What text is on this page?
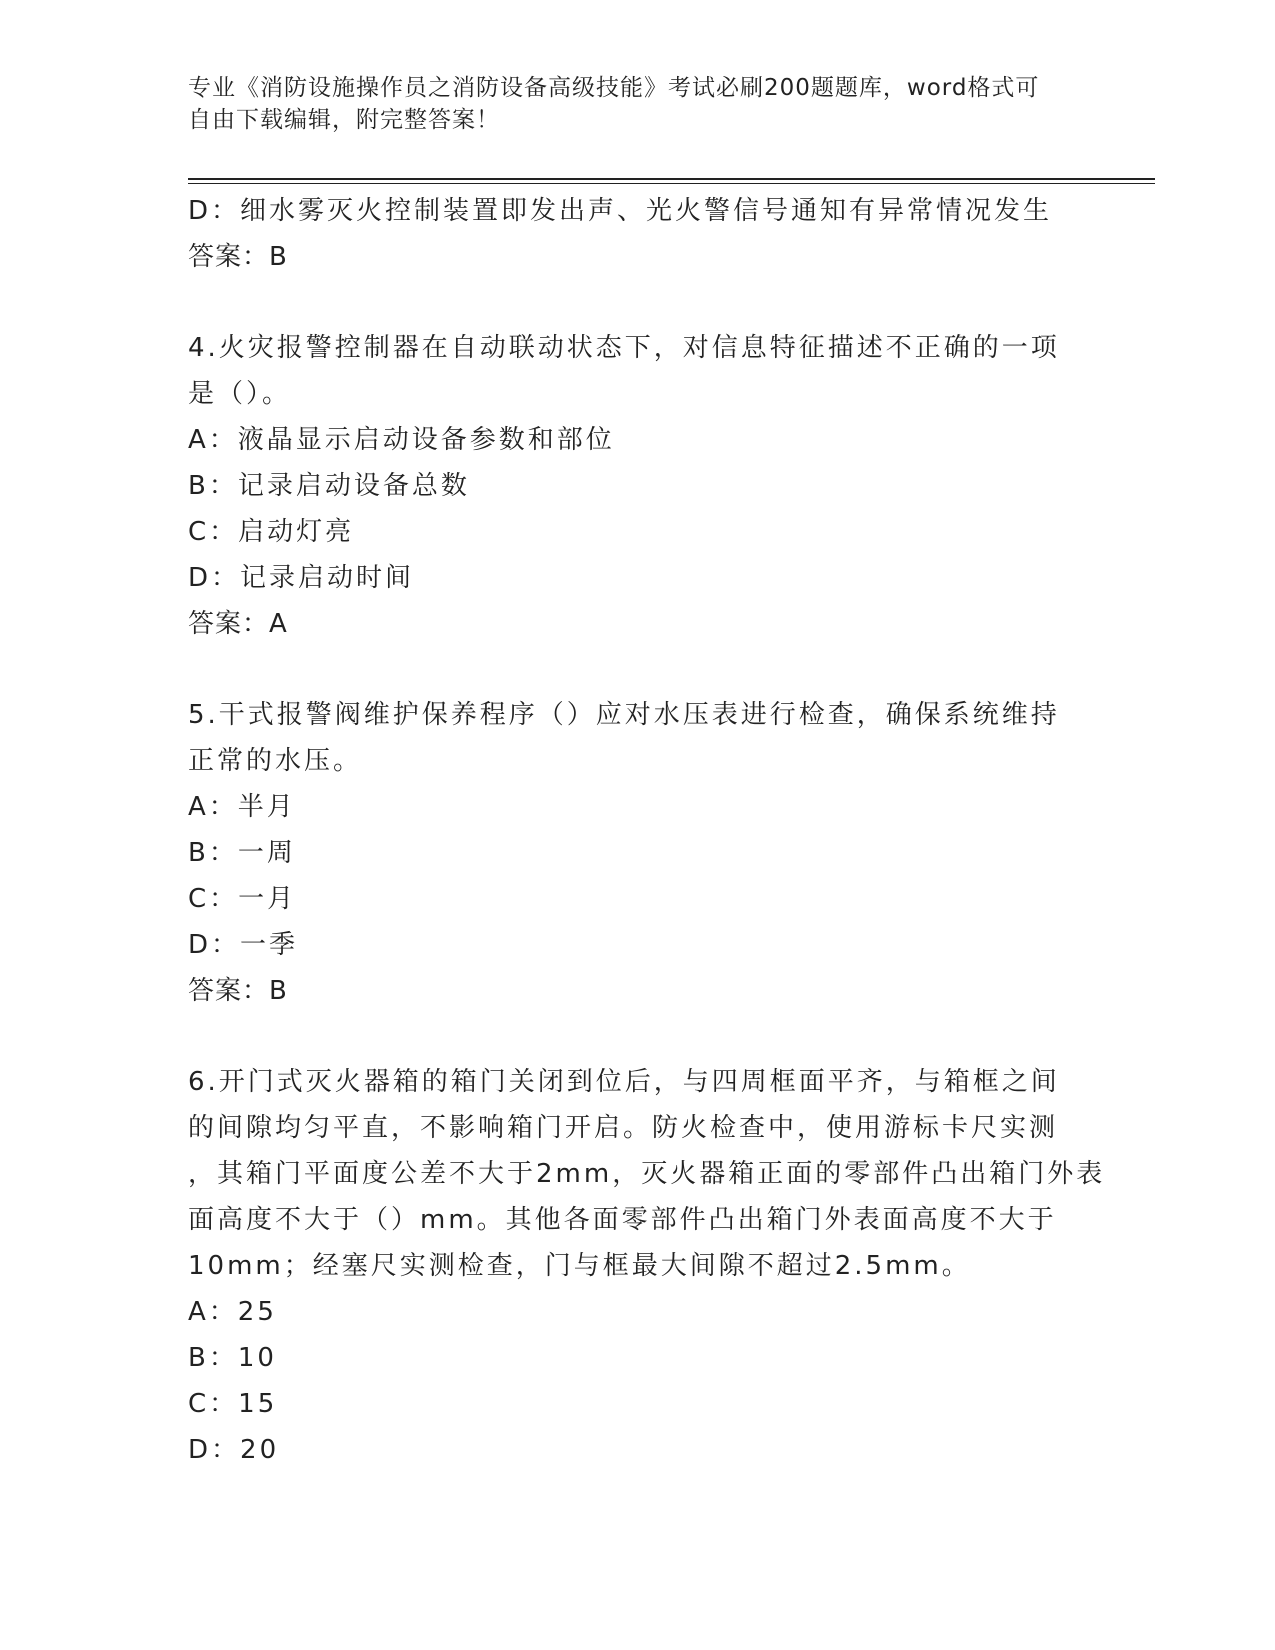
专业《消防设施操作员之消防设备高级技能》考试必刷200题题库，word格式可
自由下载编辑，附完整答案！
D：细水雾灭火控制装置即发出声、光火警信号通知有异常情况发生
答案：B
4.火灾报警控制器在自动联动状态下，对信息特征描述不正确的一项
是（）。
A：液晶显示启动设备参数和部位
B：记录启动设备总数
C：启动灯亮
D：记录启动时间
答案：A
5.干式报警阀维护保养程序（）应对水压表进行检查，确保系统维持
正常的水压。
A：半月
B：一周
C：一月
D：一季
答案：B
6.开门式灭火器箱的箱门关闭到位后，与四周框面平齐，与箱框之间
的间隙均匀平直，不影响箱门开启。防火检查中，使用游标卡尺实测
，其箱门平面度公差不大于2mm，灭火器箱正面的零部件凸出箱门外表
面高度不大于（）mm。其他各面零部件凸出箱门外表面高度不大于
10mm；经塞尺实测检查，门与框最大间隙不超过2.5mm。
A：25
B：10
C：15
D：20
